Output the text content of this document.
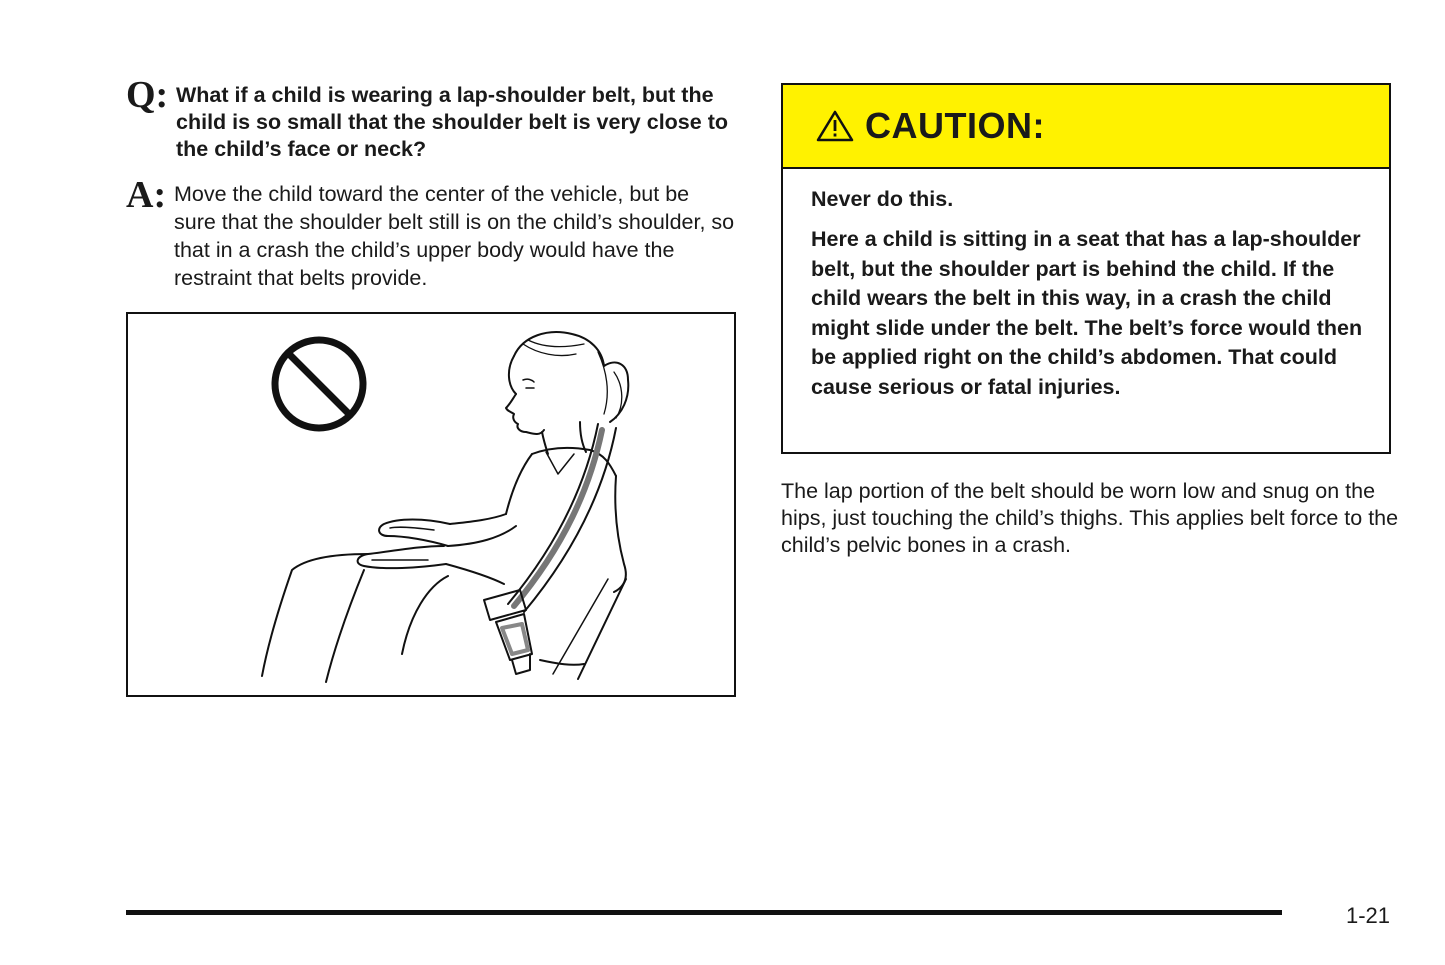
Q: What if a child is wearing a lap-shoulder belt, but the child is so small that the shoulder belt is very close to the child’s face or neck?
A: Move the child toward the center of the vehicle, but be sure that the shoulder belt still is on the child’s shoulder, so that in a crash the child’s upper body would have the restraint that belts provide.
CAUTION:

Never do this.

Here a child is sitting in a seat that has a lap-shoulder belt, but the shoulder part is behind the child. If the child wears the belt in this way, in a crash the child might slide under the belt. The belt’s force would then be applied right on the child’s abdomen. That could cause serious or fatal injuries.

The lap portion of the belt should be worn low and snug on the hips, just touching the child’s thighs. This applies belt force to the child’s pelvic bones in a crash.

1-21
